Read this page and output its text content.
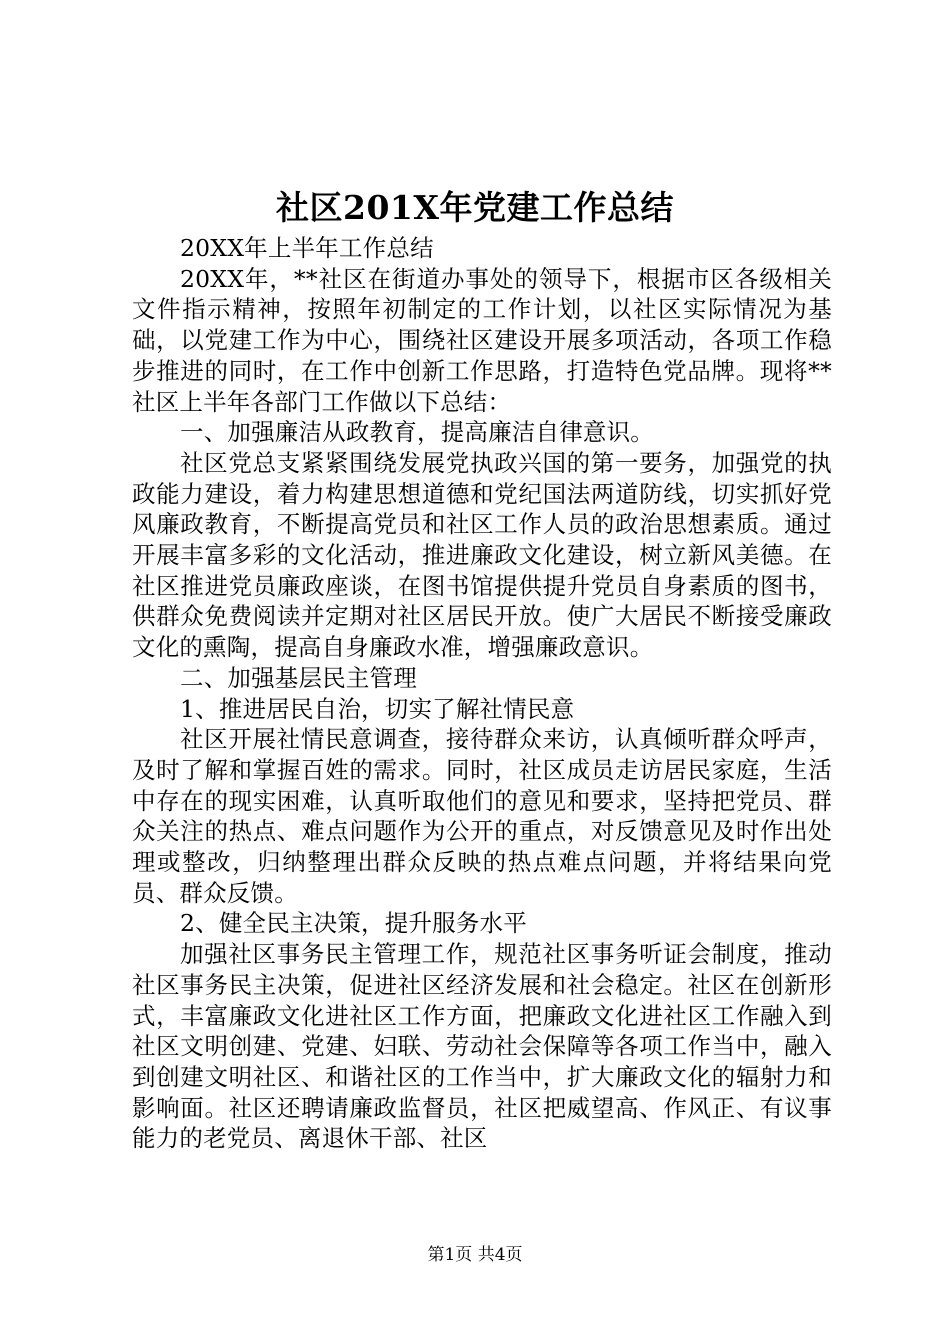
社区201X年党建工作总结

20XX年上半年工作总结

20XX年，**社区在街道办事处的领导下，根据市区各级相关文件指示精神，按照年初制定的工作计划，以社区实际情况为基础，以党建工作为中心，围绕社区建设开展多项活动，各项工作稳步推进的同时，在工作中创新工作思路，打造特色党品牌。现将**社区上半年各部门工作做以下总结：

一、加强廉洁从政教育，提高廉洁自律意识。

社区党总支紧紧围绕发展党执政兴国的第一要务，加强党的执政能力建设，着力构建思想道德和党纪国法两道防线，切实抓好党风廉政教育，不断提高党员和社区工作人员的政治思想素质。通过开展丰富多彩的文化活动，推进廉政文化建设，树立新风美德。在社区推进党员廉政座谈，在图书馆提供提升党员自身素质的图书，供群众免费阅读并定期对社区居民开放。使广大居民不断接受廉政文化的熏陶，提高自身廉政水准，增强廉政意识。

二、加强基层民主管理

1、推进居民自治，切实了解社情民意

社区开展社情民意调查，接待群众来访，认真倾听群众呼声，及时了解和掌握百姓的需求。同时，社区成员走访居民家庭，生活中存在的现实困难，认真听取他们的意见和要求，坚持把党员、群众关注的热点、难点问题作为公开的重点，对反馈意见及时作出处理或整改，归纳整理出群众反映的热点难点问题，并将结果向党员、群众反馈。

2、健全民主决策，提升服务水平

加强社区事务民主管理工作，规范社区事务听证会制度，推动社区事务民主决策，促进社区经济发展和社会稳定。社区在创新形式，丰富廉政文化进社区工作方面，把廉政文化进社区工作融入到社区文明创建、党建、妇联、劳动社会保障等各项工作当中，融入到创建文明社区、和谐社区的工作当中，扩大廉政文化的辐射力和影响面。社区还聘请廉政监督员，社区把威望高、作风正、有议事能力的老党员、离退休干部、社区

第1页 共4页
